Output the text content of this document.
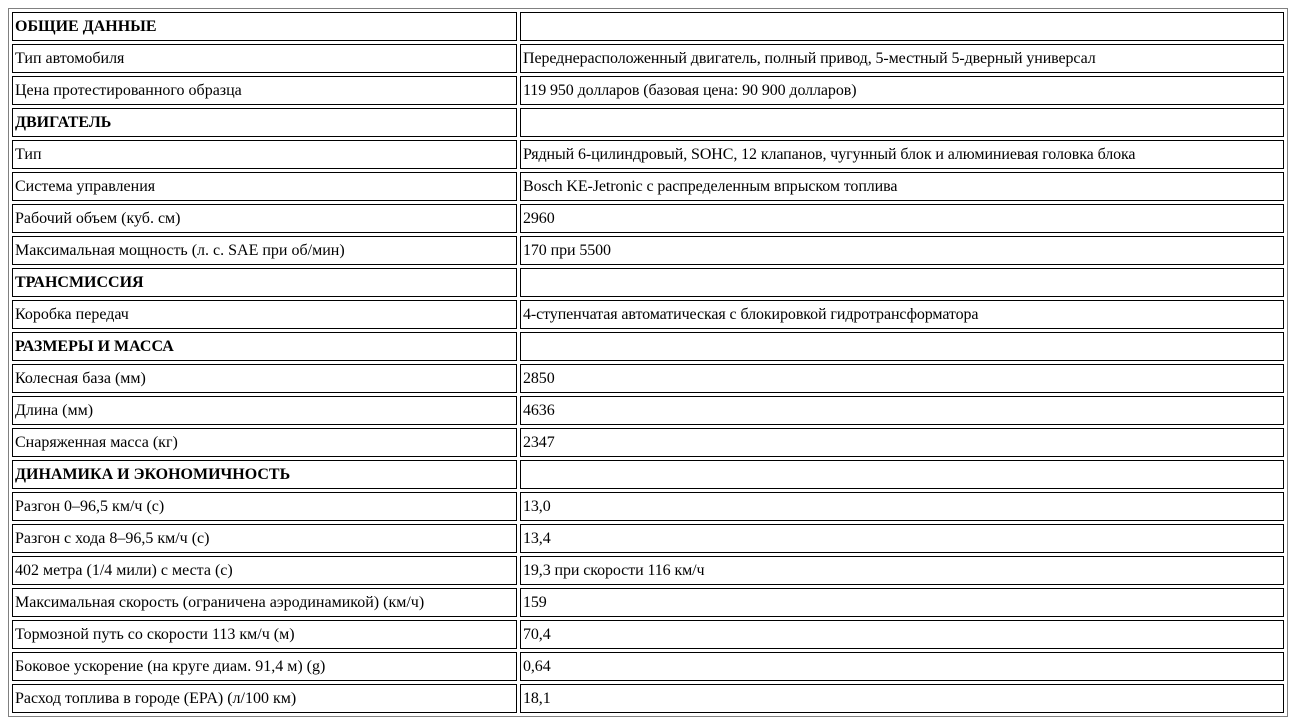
ОБЩИЕ ДАННЫЕ	
Тип автомобиля	Переднерасположенный двигатель, полный привод, 5-местный 5-дверный универсал
Цена протестированного образца	119 950 долларов (базовая цена: 90 900 долларов)
ДВИГАТЕЛЬ	
Тип	Рядный 6-цилиндровый, SOHC, 12 клапанов, чугунный блок и алюминиевая головка блока
Система управления	Bosch KE-Jetronic с распределенным впрыском топлива
Рабочий объем (куб. см)	2960
Максимальная мощность (л. с. SAE при об/мин)	170 при 5500
ТРАНСМИССИЯ	
Коробка передач	4-ступенчатая автоматическая с блокировкой гидротрансформатора
РАЗМЕРЫ И МАССА	
Колесная база (мм)	2850
Длина (мм)	4636
Снаряженная масса (кг)	2347
ДИНАМИКА И ЭКОНОМИЧНОСТЬ	
Разгон 0–96,5 км/ч (с)	13,0
Разгон с хода 8–96,5 км/ч (с)	13,4
402 метра (1/4 мили) с места (с)	19,3 при скорости 116 км/ч
Максимальная скорость (ограничена аэродинамикой) (км/ч)	159
Тормозной путь со скорости 113 км/ч (м)	70,4
Боковое ускорение (на круге диам. 91,4 м) (g)	0,64
Расход топлива в городе (EPA) (л/100 км)	18,1
